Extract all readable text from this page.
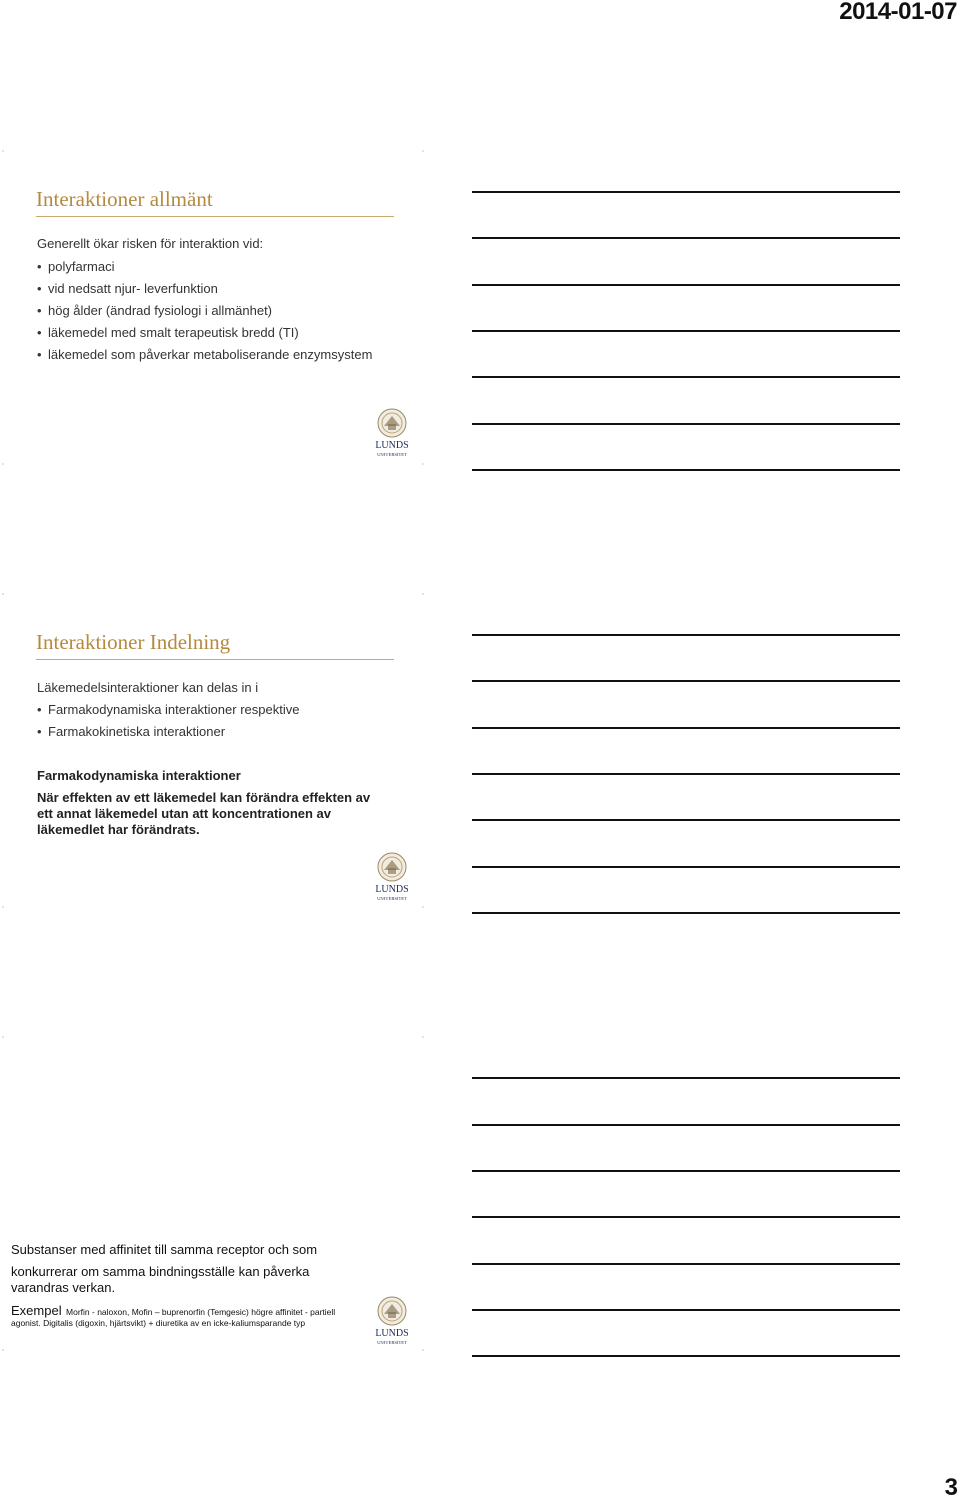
2014-01-07
Interaktioner allmänt
Generellt ökar risken för interaktion vid:
• polyfarmaci
• vid nedsatt njur- leverfunktion
• hög ålder (ändrad fysiologi i allmänhet)
• läkemedel med smalt terapeutisk bredd (TI)
• läkemedel som påverkar metaboliserande enzymsystem
LUNDS
UNIVERSITET
Interaktioner Indelning
Läkemedelsinteraktioner kan delas in i
• Farmakodynamiska interaktioner respektive
• Farmakokinetiska interaktioner
Farmakodynamiska interaktioner
När effekten av ett läkemedel kan förändra effekten av
ett annat läkemedel utan att koncentrationen av
läkemedlet har förändrats.
LUNDS
UNIVERSITET
Substanser med affinitet till samma receptor och som
konkurrerar om samma bindningsställe kan påverka
varandras verkan.
Exempel Morfin - naloxon, Mofin – buprenorfin (Temgesic) högre affinitet - partiell
agonist. Digitalis (digoxin, hjärtsvikt) + diuretika av en icke-kaliumsparande typ
LUNDS
UNIVERSITET
3
